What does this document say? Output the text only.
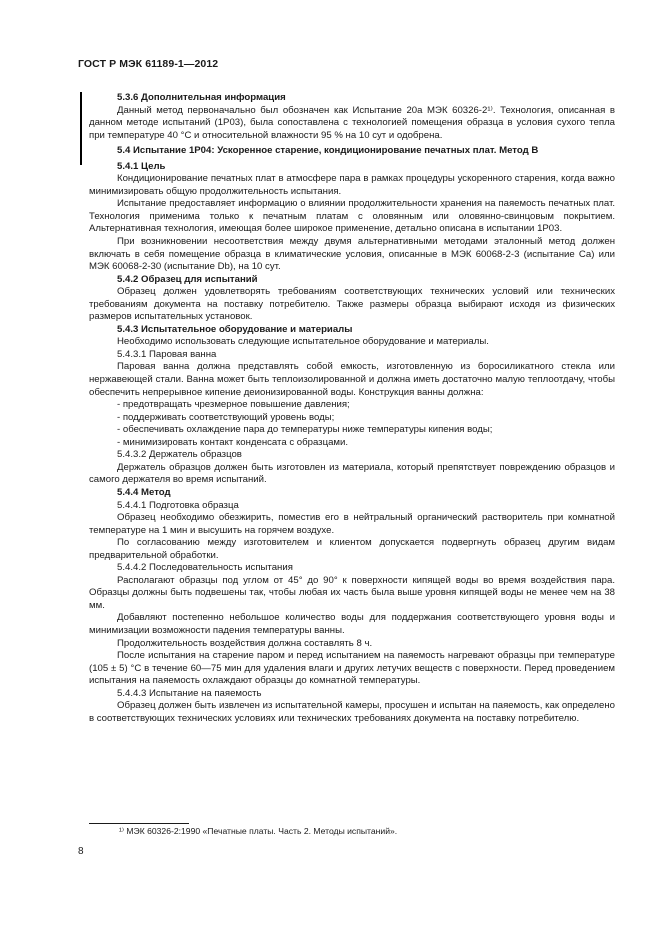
ГОСТ Р МЭК 61189-1—2012

5.3.6 Дополнительная информация

Данный метод первоначально был обозначен как Испытание 20а МЭК 60326-2¹⁾. Технология, описанная в данном методе испытаний (1Р03), была сопоставлена с технологией помещения образца в условия сухого тепла при температуре 40 °С и относительной влажности 95 % на 10 сут и одобрена.

5.4 Испытание 1Р04: Ускоренное старение, кондиционирование печатных плат. Метод В

5.4.1 Цель

Кондиционирование печатных плат в атмосфере пара в рамках процедуры ускоренного старения, когда важно минимизировать общую продолжительность испытания.

Испытание предоставляет информацию о влиянии продолжительности хранения на паяемость печатных плат. Технология применима только к печатным платам с оловянным или оловянно-свинцовым покрытием. Альтернативная технология, имеющая более широкое применение, детально описана в испытании 1Р03.

При возникновении несоответствия между двумя альтернативными методами эталонный метод должен включать в себя помещение образца в климатические условия, описанные в МЭК 60068-2-3 (испытание Са) или МЭК 60068-2-30 (испытание Db), на 10 сут.

5.4.2 Образец для испытаний

Образец должен удовлетворять требованиям соответствующих технических условий или технических требованиям документа на поставку потребителю. Также размеры образца выбирают исходя из физических размеров испытательных установок.

5.4.3 Испытательное оборудование и материалы

Необходимо использовать следующие испытательное оборудование и материалы.

5.4.3.1 Паровая ванна

Паровая ванна должна представлять собой емкость, изготовленную из боросиликатного стекла или нержавеющей стали. Ванна может быть теплоизолированной и должна иметь достаточно малую теплоотдачу, чтобы обеспечить непрерывное кипение деионизированной воды. Конструкция ванны должна:

- предотвращать чрезмерное повышение давления;

- поддерживать соответствующий уровень воды;

- обеспечивать охлаждение пара до температуры ниже температуры кипения воды;

- минимизировать контакт конденсата с образцами.

5.4.3.2 Держатель образцов

Держатель образцов должен быть изготовлен из материала, который препятствует повреждению образцов и самого держателя во время испытаний.

5.4.4 Метод

5.4.4.1 Подготовка образца

Образец необходимо обезжирить, поместив его в нейтральный органический растворитель при комнатной температуре на 1 мин и высушить на горячем воздухе.

По согласованию между изготовителем и клиентом допускается подвергнуть образец другим видам предварительной обработки.

5.4.4.2 Последовательность испытания

Располагают образцы под углом от 45° до 90° к поверхности кипящей воды во время воздействия пара. Образцы должны быть подвешены так, чтобы любая их часть была выше уровня кипящей воды не менее чем на 38 мм.

Добавляют постепенно небольшое количество воды для поддержания соответствующего уровня воды и минимизации возможности падения температуры ванны.

Продолжительность воздействия должна составлять 8 ч.

После испытания на старение паром и перед испытанием на паяемость нагревают образцы при температуре (105 ± 5) °С в течение 60—75 мин для удаления влаги и других летучих веществ с поверхности. Перед проведением испытания на паяемость охлаждают образцы до комнатной температуры.

5.4.4.3 Испытание на паяемость

Образец должен быть извлечен из испытательной камеры, просушен и испытан на паяемость, как определено в соответствующих технических условиях или технических требованиях документа на поставку потребителю.

¹⁾ МЭК 60326-2:1990 «Печатные платы. Часть 2. Методы испытаний».
8
